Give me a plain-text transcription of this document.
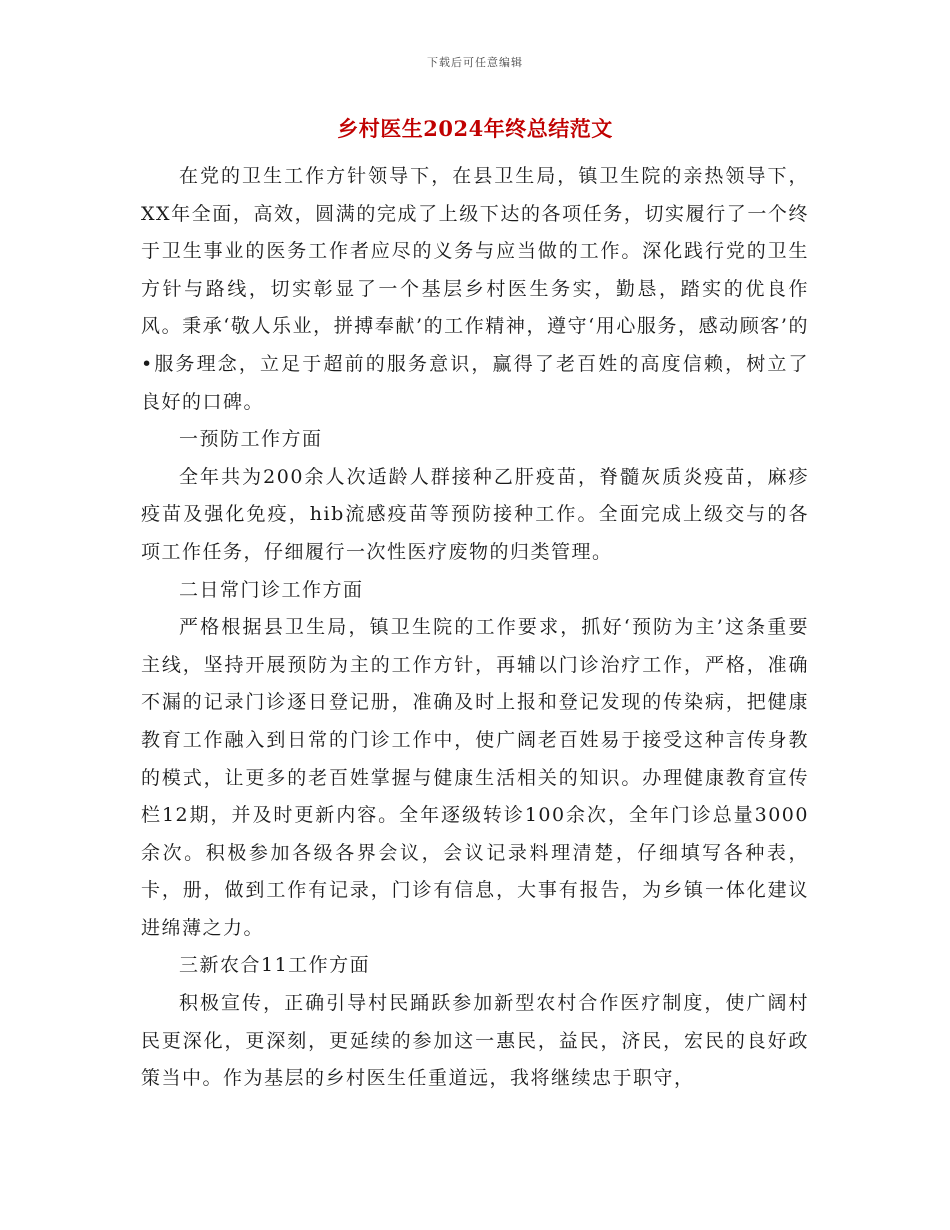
下载后可任意编辑
乡村医生2024年终总结范文

在党的卫生工作方针领导下，在县卫生局，镇卫生院的亲热领导下，XX年全面，高效，圆满的完成了上级下达的各项任务，切实履行了一个终于卫生事业的医务工作者应尽的义务与应当做的工作。深化践行党的卫生方针与路线，切实彰显了一个基层乡村医生务实，勤恳，踏实的优良作风。秉承‘敬人乐业，拼搏奉献’的工作精神，遵守‘用心服务，感动顾客’的•服务理念，立足于超前的服务意识，赢得了老百姓的高度信赖，树立了良好的口碑。

一预防工作方面

全年共为200余人次适龄人群接种乙肝疫苗，脊髓灰质炎疫苗，麻疹疫苗及强化免疫，hib流感疫苗等预防接种工作。全面完成上级交与的各项工作任务，仔细履行一次性医疗废物的归类管理。

二日常门诊工作方面

严格根据县卫生局，镇卫生院的工作要求，抓好‘预防为主’这条重要主线，坚持开展预防为主的工作方针，再辅以门诊治疗工作，严格，准确不漏的记录门诊逐日登记册，准确及时上报和登记发现的传染病，把健康教育工作融入到日常的门诊工作中，使广阔老百姓易于接受这种言传身教的模式，让更多的老百姓掌握与健康生活相关的知识。办理健康教育宣传栏12期，并及时更新内容。全年逐级转诊100余次，全年门诊总量3000余次。积极参加各级各界会议，会议记录料理清楚，仔细填写各种表，卡，册，做到工作有记录，门诊有信息，大事有报告，为乡镇一体化建议进绵薄之力。

三新农合11工作方面

积极宣传，正确引导村民踊跃参加新型农村合作医疗制度，使广阔村民更深化，更深刻，更延续的参加这一惠民，益民，济民，宏民的良好政策当中。作为基层的乡村医生任重道远，我将继续忠于职守，
